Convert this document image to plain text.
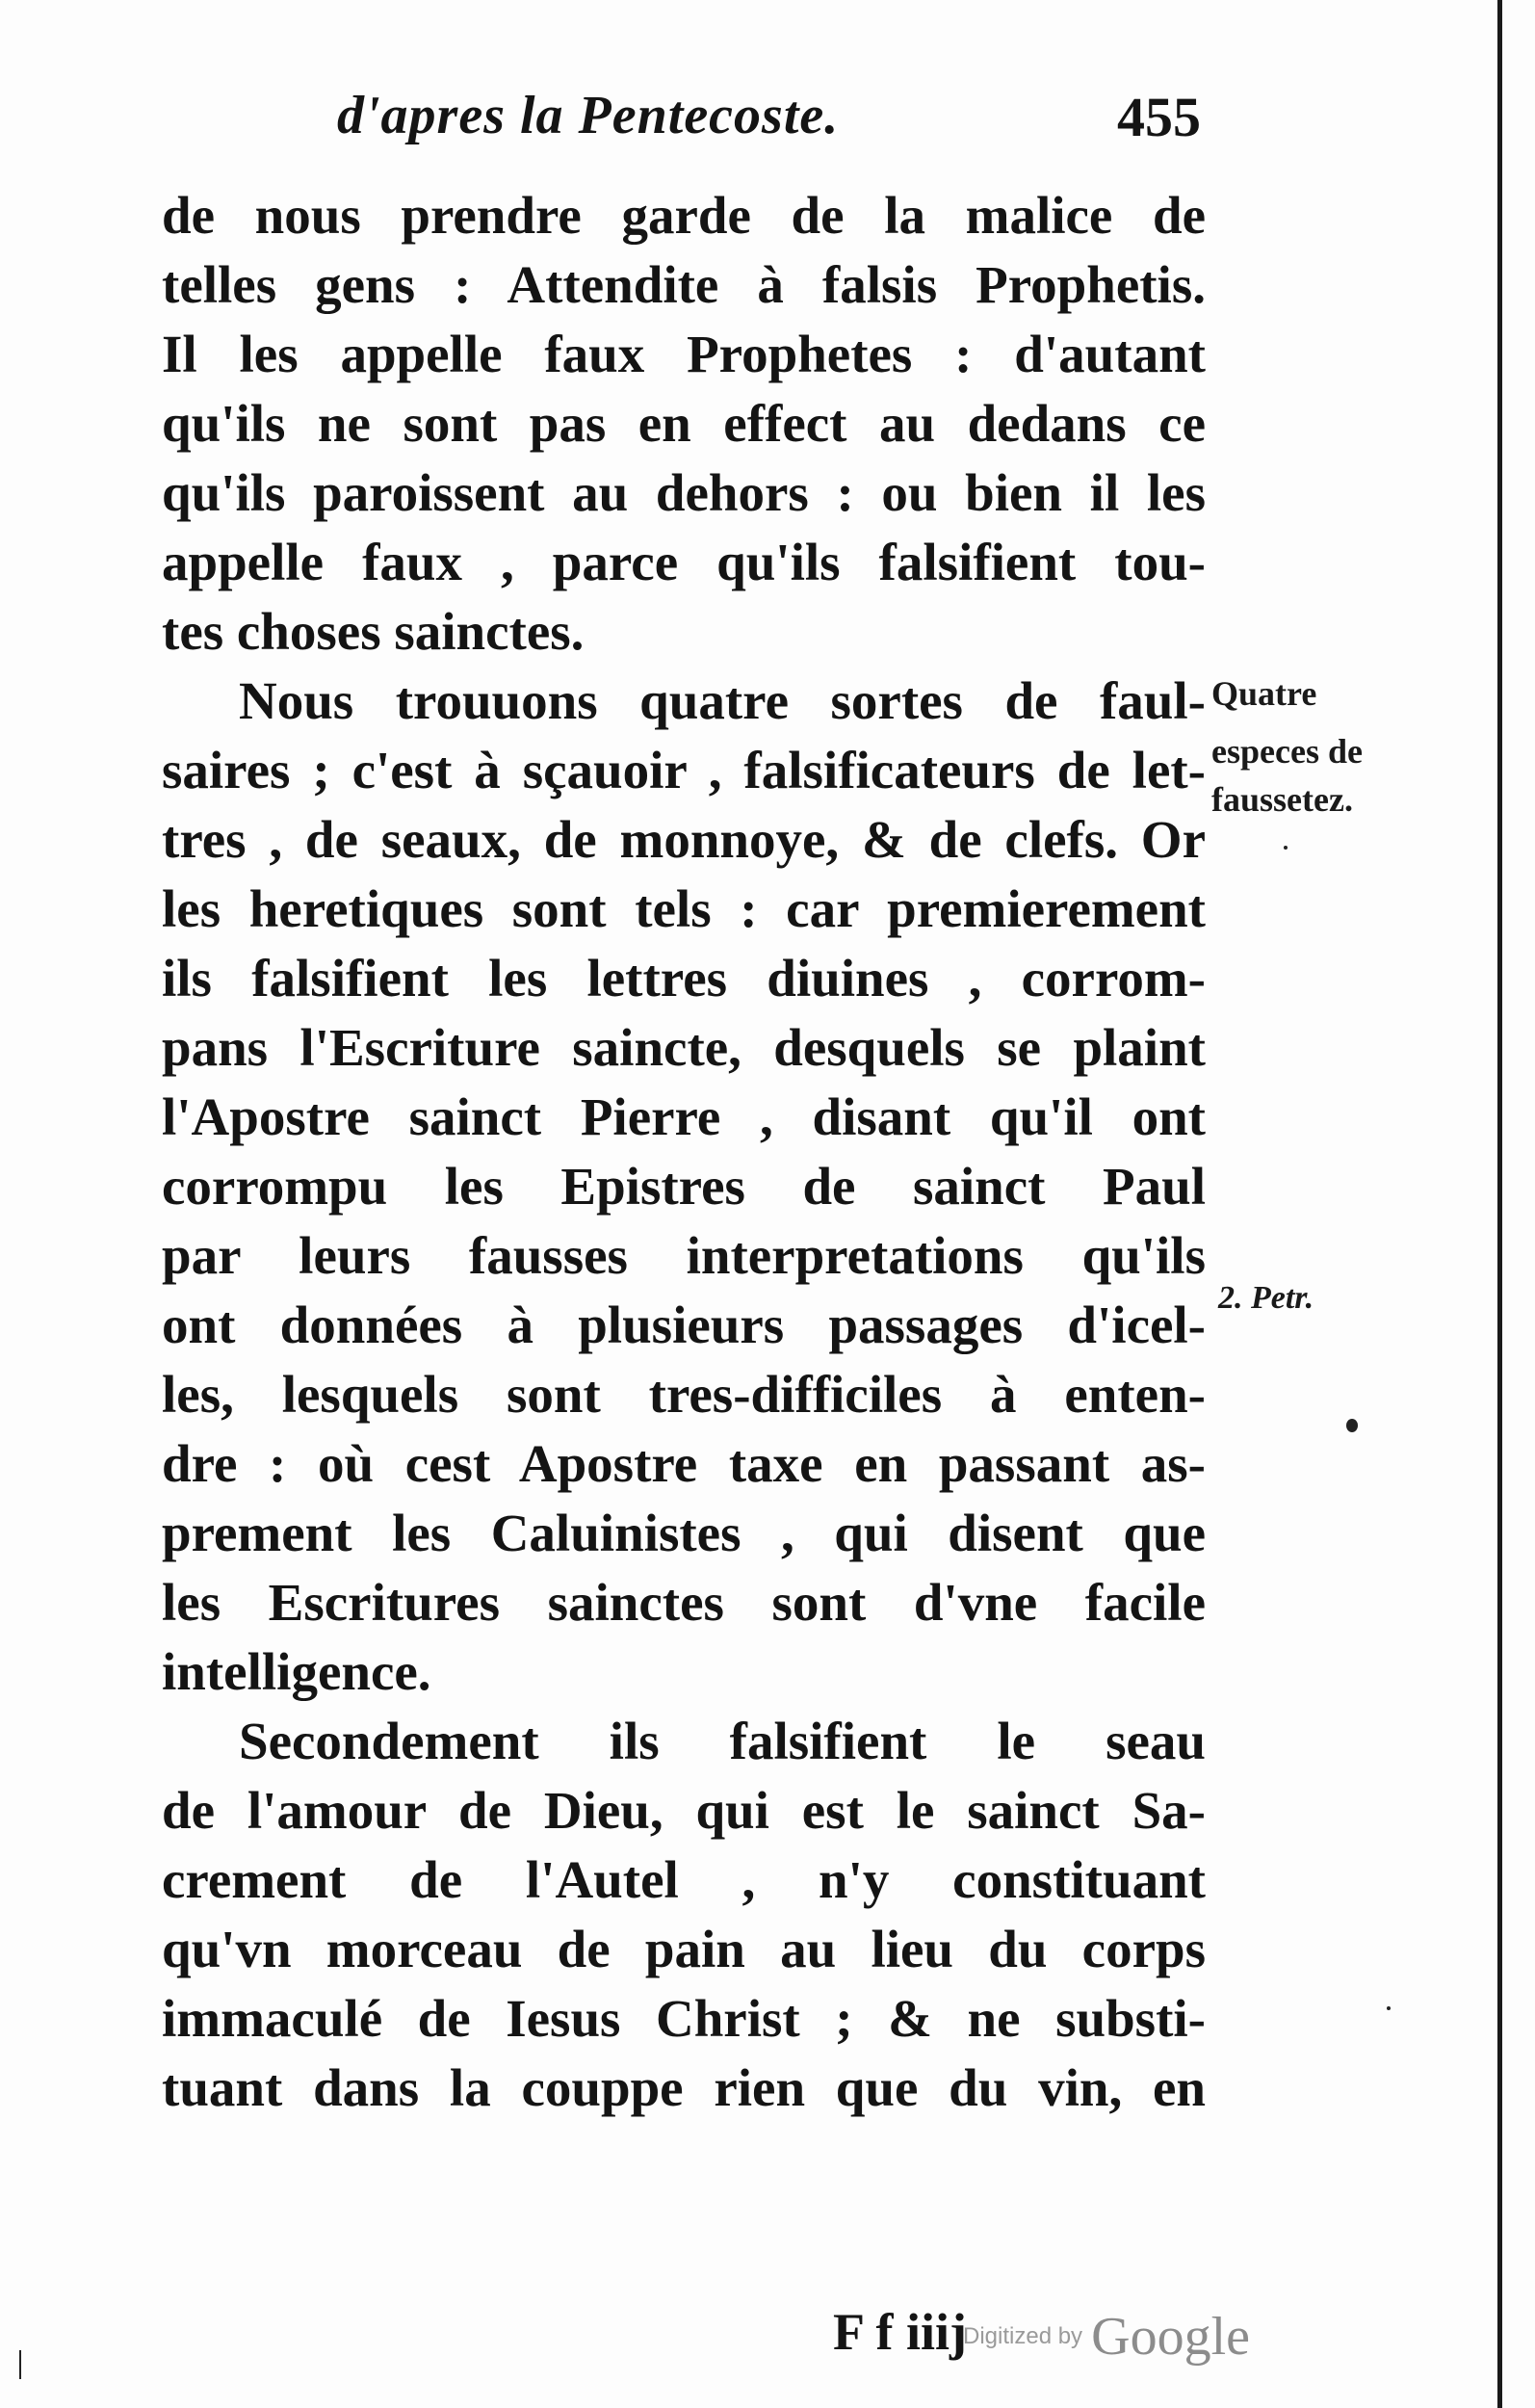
d'apres la Pentecoste.	455
de nous prendre garde de la malice de
telles gens : Attendite à falsis Prophetis.
Il les appelle faux Prophetes : d'autant
qu'ils ne sont pas en effect au dedans ce
qu'ils paroissent au dehors : ou bien il les
appelle faux , parce qu'ils falsifient tou-
tes choses sainctes.
Nous trouuons quatre sortes de faul-
saires ; c'est à sçauoir , falsificateurs de let-
tres , de seaux, de monnoye, & de clefs. Or
les heretiques sont tels : car premierement
ils falsifient les lettres diuines , corrom-
pans l'Escriture saincte, desquels se plaint
l'Apostre sainct Pierre , disant qu'il ont
corrompu les Epistres de sainct Paul
par leurs fausses interpretations qu'ils
ont données à plusieurs passages d'icel-
les, lesquels sont tres-difficiles à enten-
dre : où cest Apostre taxe en passant as-
prement les Caluinistes , qui disent que
les Escritures sainctes sont d'vne facile
intelligence.
Secondement ils falsifient le seau
de l'amour de Dieu, qui est le sainct Sa-
crement de l'Autel , n'y constituant
qu'vn morceau de pain au lieu du corps
immaculé de Iesus Christ ; & ne substi-
tuant dans la couppe rien que du vin, en
Quatre
especes de
faussetez.
2. Petr.
F f iiij
Digitized by Google
